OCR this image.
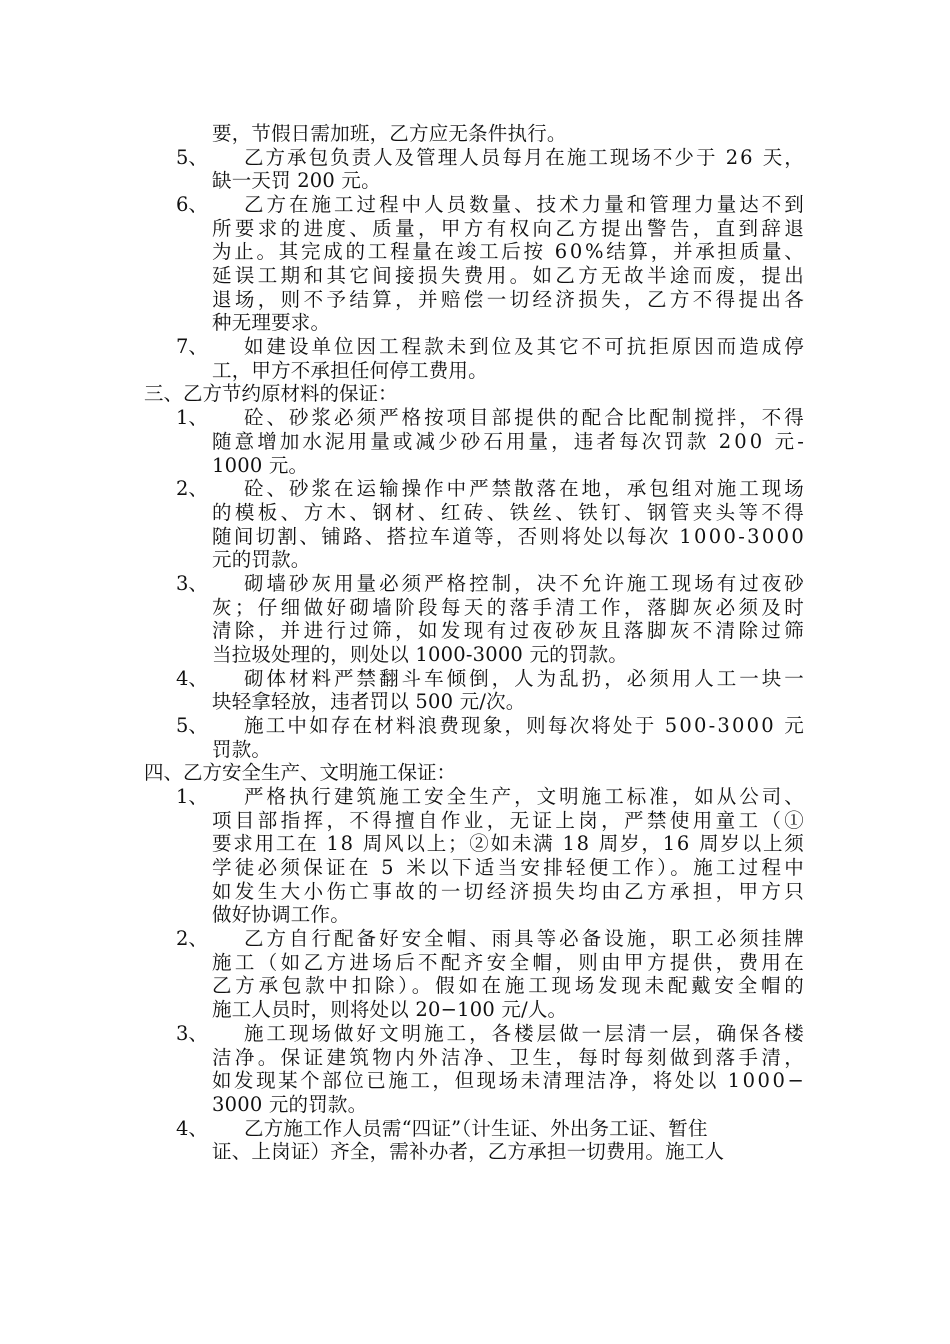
要，节假日需加班，乙方应无条件执行。
5、 乙方承包负责人及管理人员每月在施工现场不少于 26 天，
缺一天罚 200 元。
6、 乙方在施工过程中人员数量、技术力量和管理力量达不到
所要求的进度、质量，甲方有权向乙方提出警告，直到辞退
为止。其完成的工程量在竣工后按 60%结算，并承担质量、
延误工期和其它间接损失费用。如乙方无故半途而废，提出
退场，则不予结算，并赔偿一切经济损失，乙方不得提出各
种无理要求。
7、 如建设单位因工程款未到位及其它不可抗拒原因而造成停
工，甲方不承担任何停工费用。
三、乙方节约原材料的保证：
1、 砼、砂浆必须严格按项目部提供的配合比配制搅拌，不得
随意增加水泥用量或减少砂石用量，违者每次罚款 200 元-
1000 元。
2、 砼、砂浆在运输操作中严禁散落在地，承包组对施工现场
的模板、方木、钢材、红砖、铁丝、铁钉、钢管夹头等不得
随间切割、铺路、搭拉车道等，否则将处以每次 1000-3000
元的罚款。
3、 砌墙砂灰用量必须严格控制，决不允许施工现场有过夜砂
灰；仔细做好砌墙阶段每天的落手清工作，落脚灰必须及时
清除，并进行过筛，如发现有过夜砂灰且落脚灰不清除过筛
当拉圾处理的，则处以 1000-3000 元的罚款。
4、 砌体材料严禁翻斗车倾倒，人为乱扔，必须用人工一块一
块轻拿轻放，违者罚以 500 元/次。
5、 施工中如存在材料浪费现象，则每次将处于 500-3000 元
罚款。
四、乙方安全生产、文明施工保证：
1、 严格执行建筑施工安全生产，文明施工标准，如从公司、
项目部指挥，不得擅自作业，无证上岗，严禁使用童工（①
要求用工在 18 周风以上；②如未满 18 周岁，16 周岁以上须
学徒必须保证在 5 米以下适当安排轻便工作）。施工过程中
如发生大小伤亡事故的一切经济损失均由乙方承担，甲方只
做好协调工作。
2、 乙方自行配备好安全帽、雨具等必备设施，职工必须挂牌
施工（如乙方进场后不配齐安全帽，则由甲方提供，费用在
乙方承包款中扣除）。假如在施工现场发现未配戴安全帽的
施工人员时，则将处以 20−100 元/人。
3、 施工现场做好文明施工，各楼层做一层清一层，确保各楼
洁净。保证建筑物内外洁净、卫生，每时每刻做到落手清，
如发现某个部位已施工，但现场未清理洁净，将处以 1000−
3000 元的罚款。
4、 乙方施工作人员需“四证”（计生证、外出务工证、暂住
证、上岗证）齐全，需补办者，乙方承担一切费用。施工人
